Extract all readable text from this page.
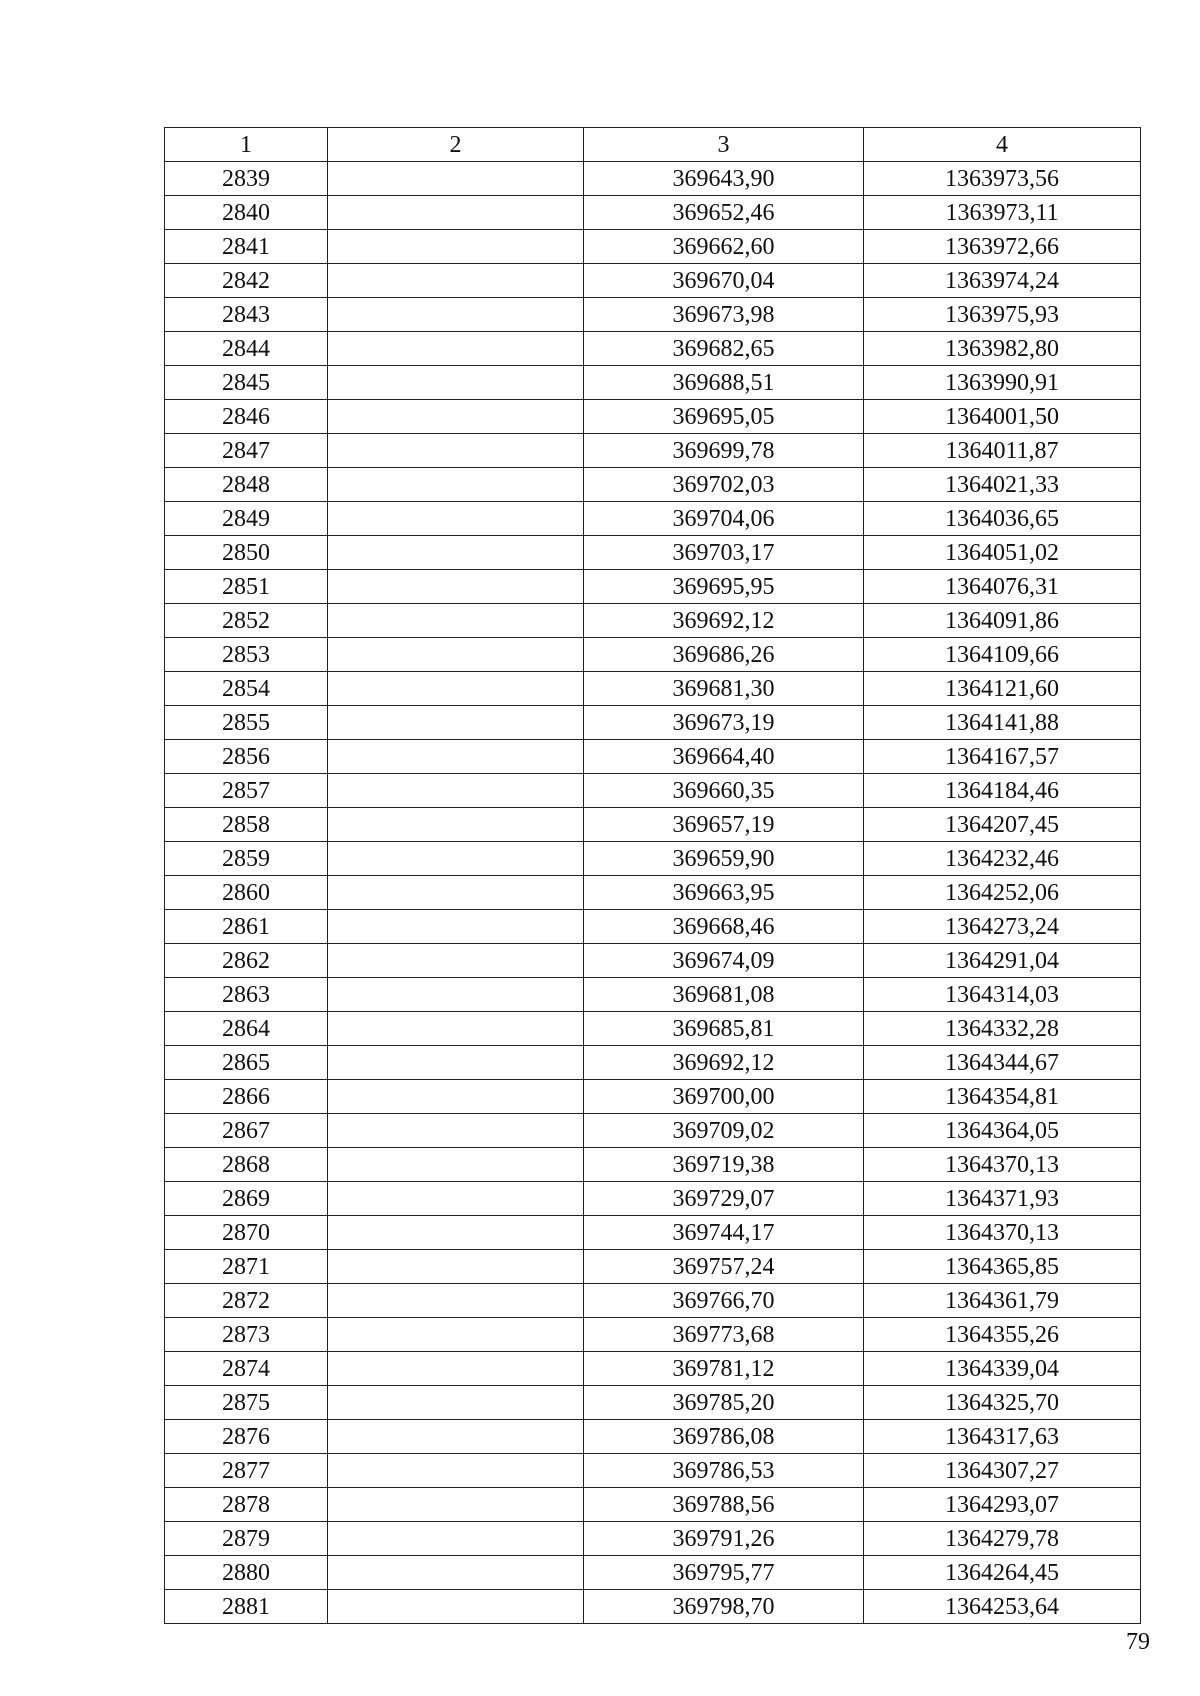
1	2	3	4
2839		369643,90	1363973,56
2840		369652,46	1363973,11
2841		369662,60	1363972,66
2842		369670,04	1363974,24
2843		369673,98	1363975,93
2844		369682,65	1363982,80
2845		369688,51	1363990,91
2846		369695,05	1364001,50
2847		369699,78	1364011,87
2848		369702,03	1364021,33
2849		369704,06	1364036,65
2850		369703,17	1364051,02
2851		369695,95	1364076,31
2852		369692,12	1364091,86
2853		369686,26	1364109,66
2854		369681,30	1364121,60
2855		369673,19	1364141,88
2856		369664,40	1364167,57
2857		369660,35	1364184,46
2858		369657,19	1364207,45
2859		369659,90	1364232,46
2860		369663,95	1364252,06
2861		369668,46	1364273,24
2862		369674,09	1364291,04
2863		369681,08	1364314,03
2864		369685,81	1364332,28
2865		369692,12	1364344,67
2866		369700,00	1364354,81
2867		369709,02	1364364,05
2868		369719,38	1364370,13
2869		369729,07	1364371,93
2870		369744,17	1364370,13
2871		369757,24	1364365,85
2872		369766,70	1364361,79
2873		369773,68	1364355,26
2874		369781,12	1364339,04
2875		369785,20	1364325,70
2876		369786,08	1364317,63
2877		369786,53	1364307,27
2878		369788,56	1364293,07
2879		369791,26	1364279,78
2880		369795,77	1364264,45
2881		369798,70	1364253,64
79
